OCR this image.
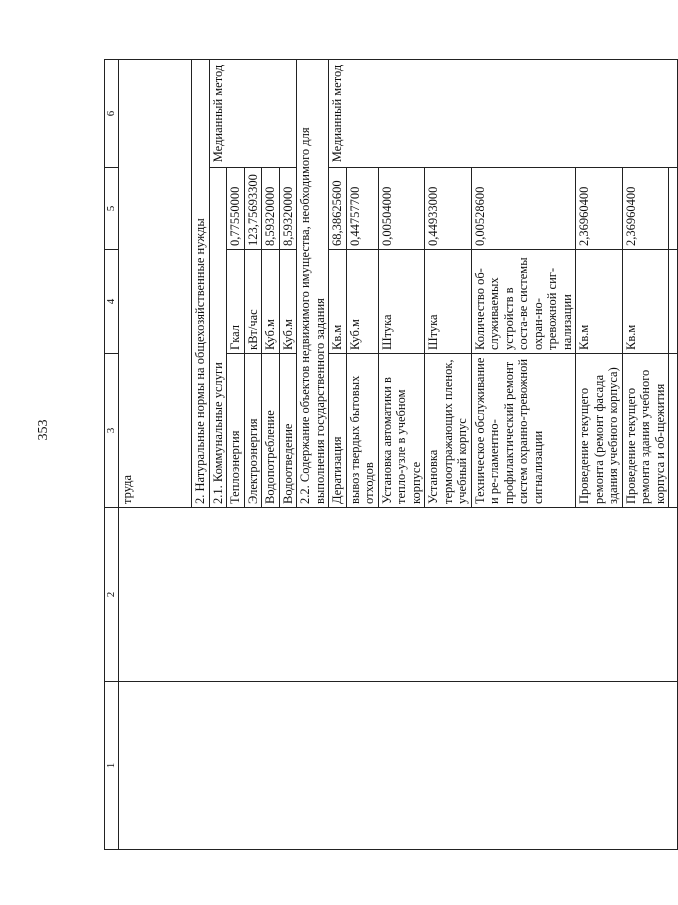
353
1	2	3	4	5	6
		труда			
		2. Натуральные нормы на общехозяйственные нужды			
		2.1. Коммунальные услуги			Медианный метод
		Теплоэнергия	Гкал	0,77550000	
		Электроэнергия	кВт/час	123,75693300	
		Водопотребление	Куб.м	8,59320000	
		Водоотведение	Куб.м	8,59320000	
		2.2. Содержание объектов недвижимого имущества, необходимого для выполнения государственного задания			
		Дератизация	Кв.м	68,38625600	Медианный метод
		вывоз твердых бытовых отходов	Куб.м	0,44757700	
		Установка автоматики в тепло-узле в учебном корпусе	Штука	0,00504000	
		Установка термоотражающих пленок, учебный корпус	Штука	0,44933000	
		Техническое обслуживание и ре-гламентно-профилактический ремонт систем охранно-тревожной сигнализации	Количество об-служиваемых устройств в соста-ве системы охран-но-тревожной сиг-нализации	0,00528600	
		Проведение текущего ремонта (ремонт фасада здания учебного корпуса)	Кв.м	2,36960400	
		Проведение текущего ремонта здания учебного корпуса и об-щежития	Кв.м	2,36960400	
